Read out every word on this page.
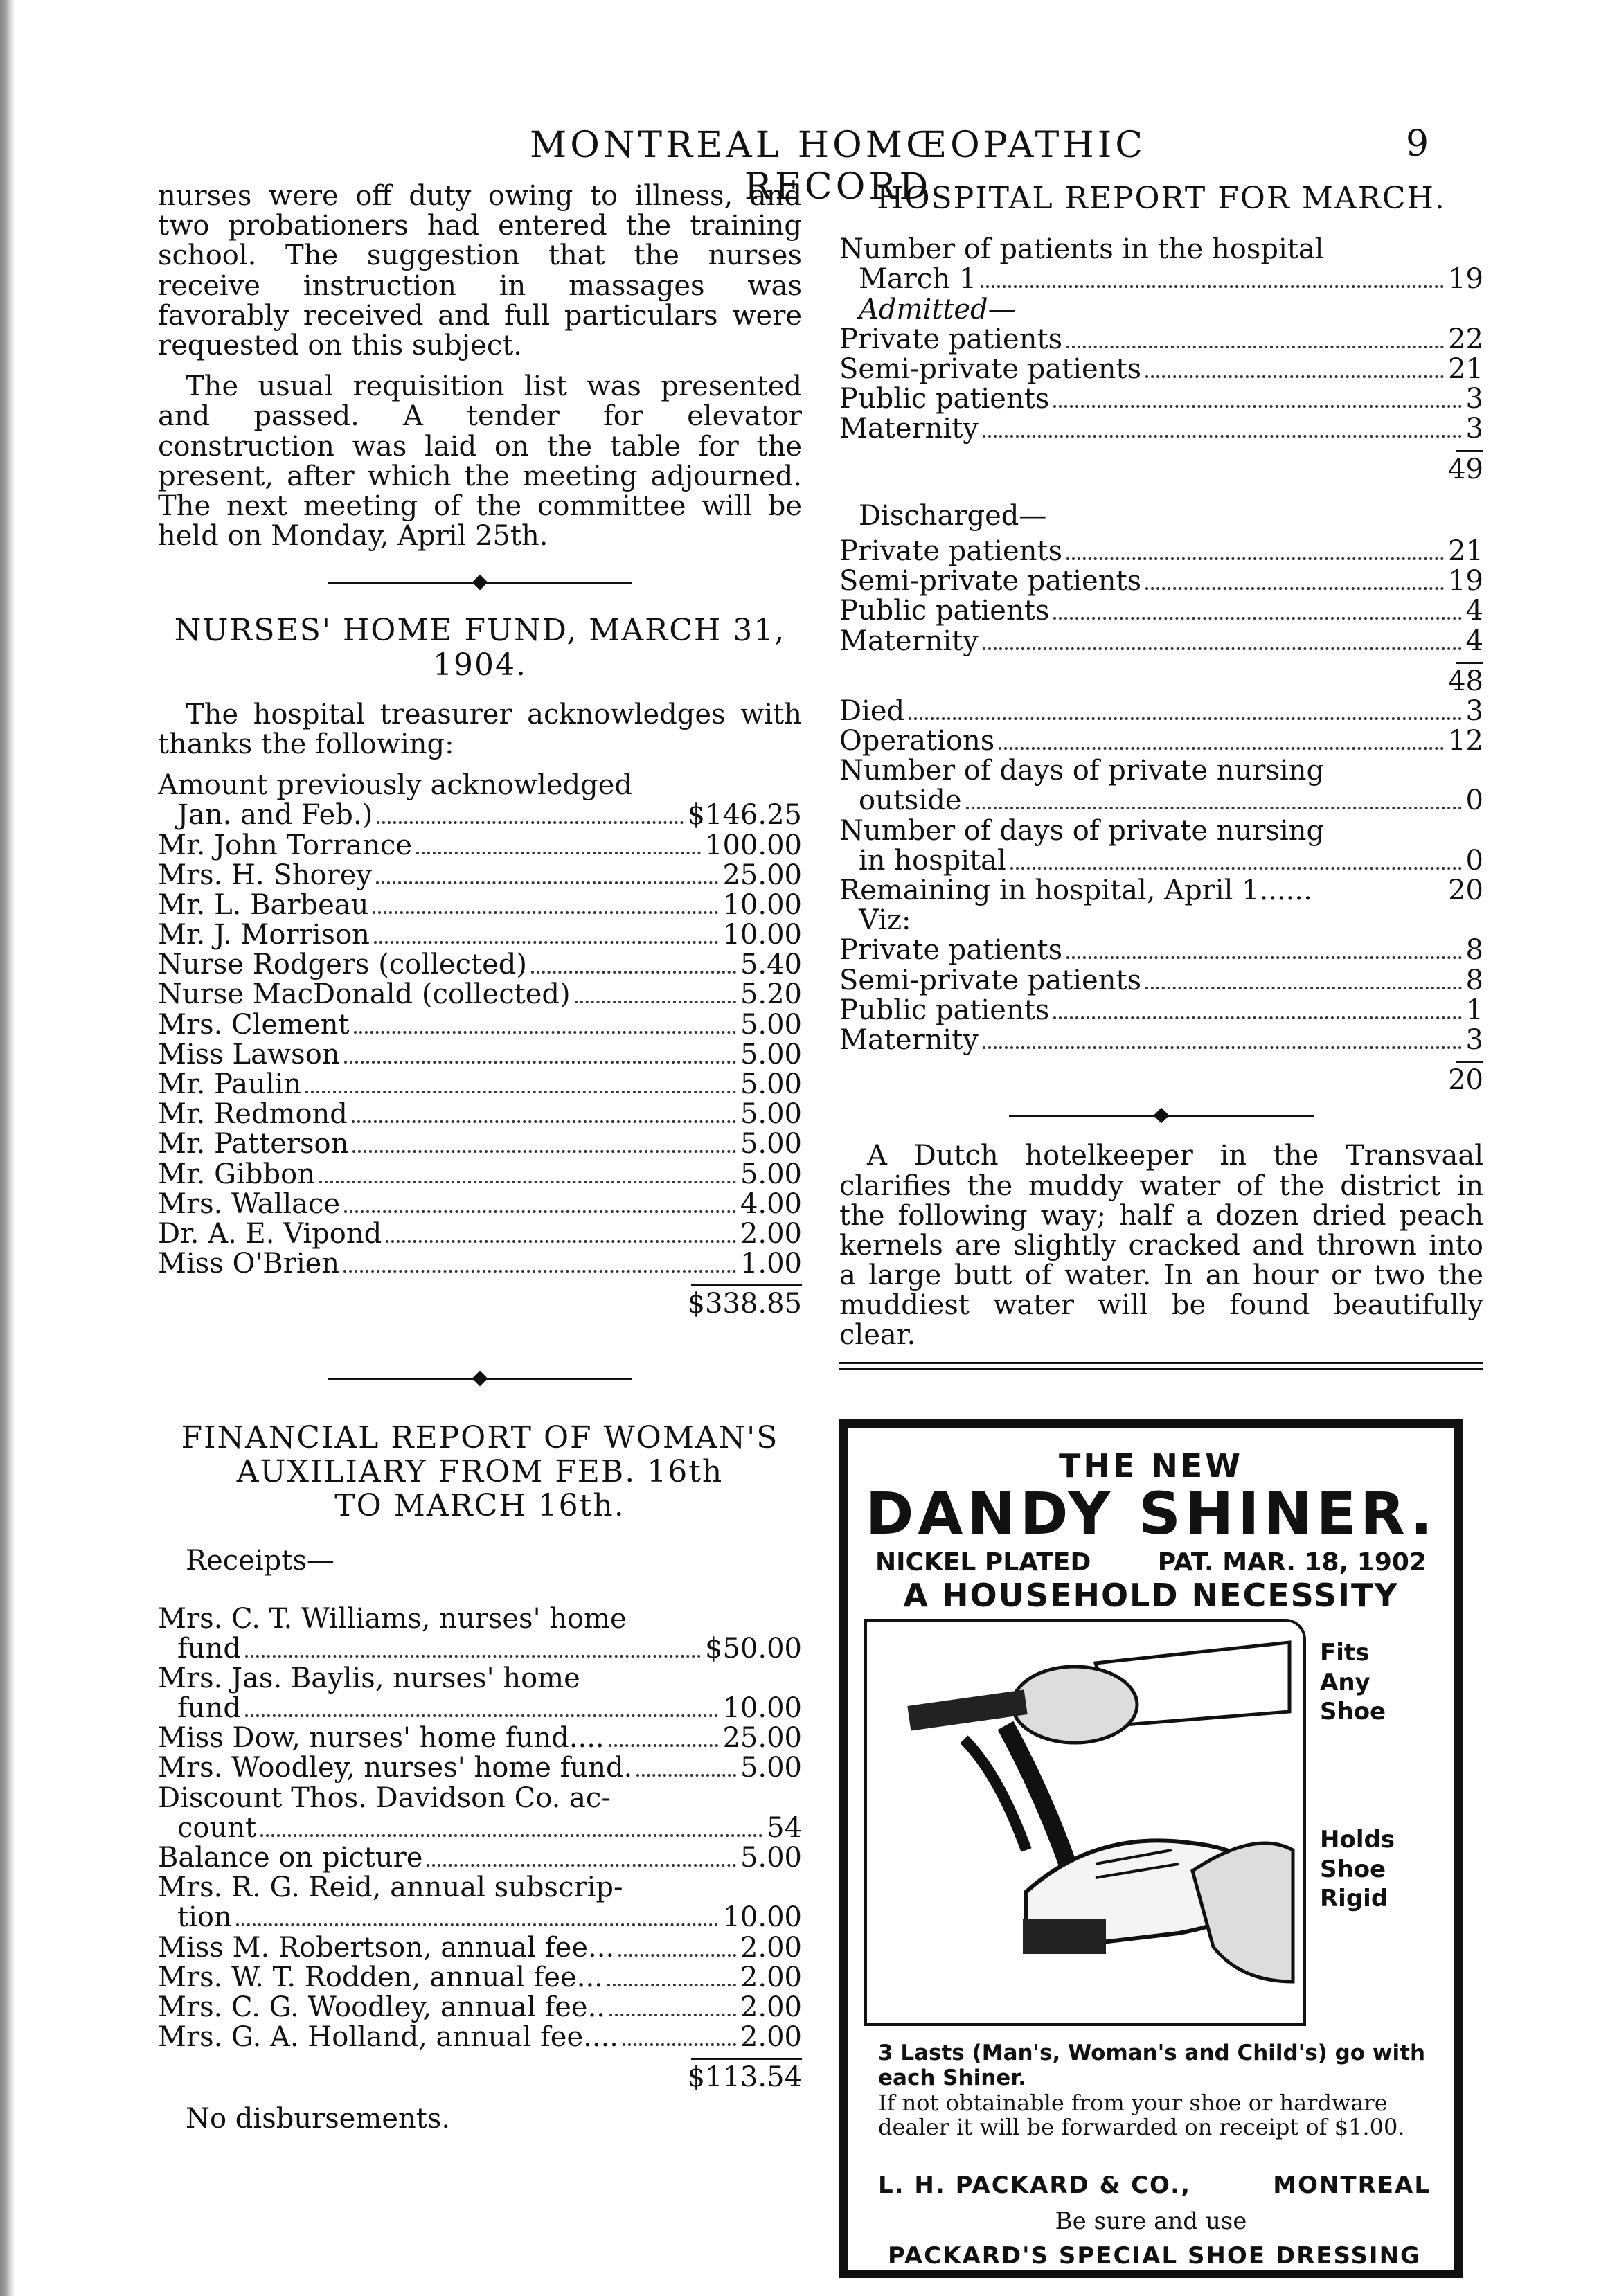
MONTREAL HOMŒOPATHIC RECORD
9

nurses were off duty owing to illness, and two probationers had entered the training school. The suggestion that the nurses receive instruction in massages was favorably received and full particulars were requested on this subject.

The usual requisition list was presented and passed. A tender for elevator construction was laid on the table for the present, after which the meeting adjourned. The next meeting of the committee will be held on Monday, April 25th.

NURSES' HOME FUND, MARCH 31,
1904.

The hospital treasurer acknowledges with thanks the following:

Amount previously acknowledged
Jan. and Feb.)	$146.25
Mr. John Torrance	100.00
Mrs. H. Shorey	25.00
Mr. L. Barbeau	10.00
Mr. J. Morrison	10.00
Nurse Rodgers (collected)	5.40
Nurse MacDonald (collected)	5.20
Mrs. Clement	5.00
Miss Lawson	5.00
Mr. Paulin	5.00
Mr. Redmond	5.00
Mr. Patterson	5.00
Mr. Gibbon	5.00
Mrs. Wallace	4.00
Dr. A. E. Vipond	2.00
Miss O'Brien	1.00
$338.85
FINANCIAL REPORT OF WOMAN'S
AUXILIARY FROM FEB. 16th
TO MARCH 16th.
Receipts—
Mrs. C. T. Williams, nurses' home
fund	$50.00
Mrs. Jas. Baylis, nurses' home
fund	10.00
Miss Dow, nurses' home fund....	25.00
Mrs. Woodley, nurses' home fund.	5.00
Discount Thos. Davidson Co. ac-
count	54
Balance on picture	5.00
Mrs. R. G. Reid, annual subscrip-
tion	10.00
Miss M. Robertson, annual fee...	2.00
Mrs. W. T. Rodden, annual fee...	2.00
Mrs. C. G. Woodley, annual fee..	2.00
Mrs. G. A. Holland, annual fee....	2.00
$113.54
No disbursements.
HOSPITAL REPORT FOR MARCH.
Number of patients in the hospital
March 1	19
Admitted—
Private patients	22
Semi-private patients	21
Public patients	3
Maternity	3
49
Discharged—
Private patients	21
Semi-private patients	19
Public patients	4
Maternity	4
48
Died	3
Operations	12
Number of days of private nursing
outside	0
Number of days of private nursing
in hospital	0
Remaining in hospital, April 1......	20
Viz:
Private patients	8
Semi-private patients	8
Public patients	1
Maternity	3
20

A Dutch hotelkeeper in the Transvaal clarifies the muddy water of the district in the following way; half a dozen dried peach kernels are slightly cracked and thrown into a large butt of water. In an hour or two the muddiest water will be found beautifully clear.

THE NEW
DANDY SHINER.
NICKEL PLATED	PAT. MAR. 18, 1902
A HOUSEHOLD NECESSITY
Fits
Any
Shoe
Holds
Shoe
Rigid
3 Lasts (Man's, Woman's and Child's) go with each Shiner.
If not obtainable from your shoe or hardware dealer it will be forwarded on receipt of $1.00.
L. H. PACKARD & CO.,	MONTREAL
Be sure and use
PACKARD'S SPECIAL SHOE DRESSING
